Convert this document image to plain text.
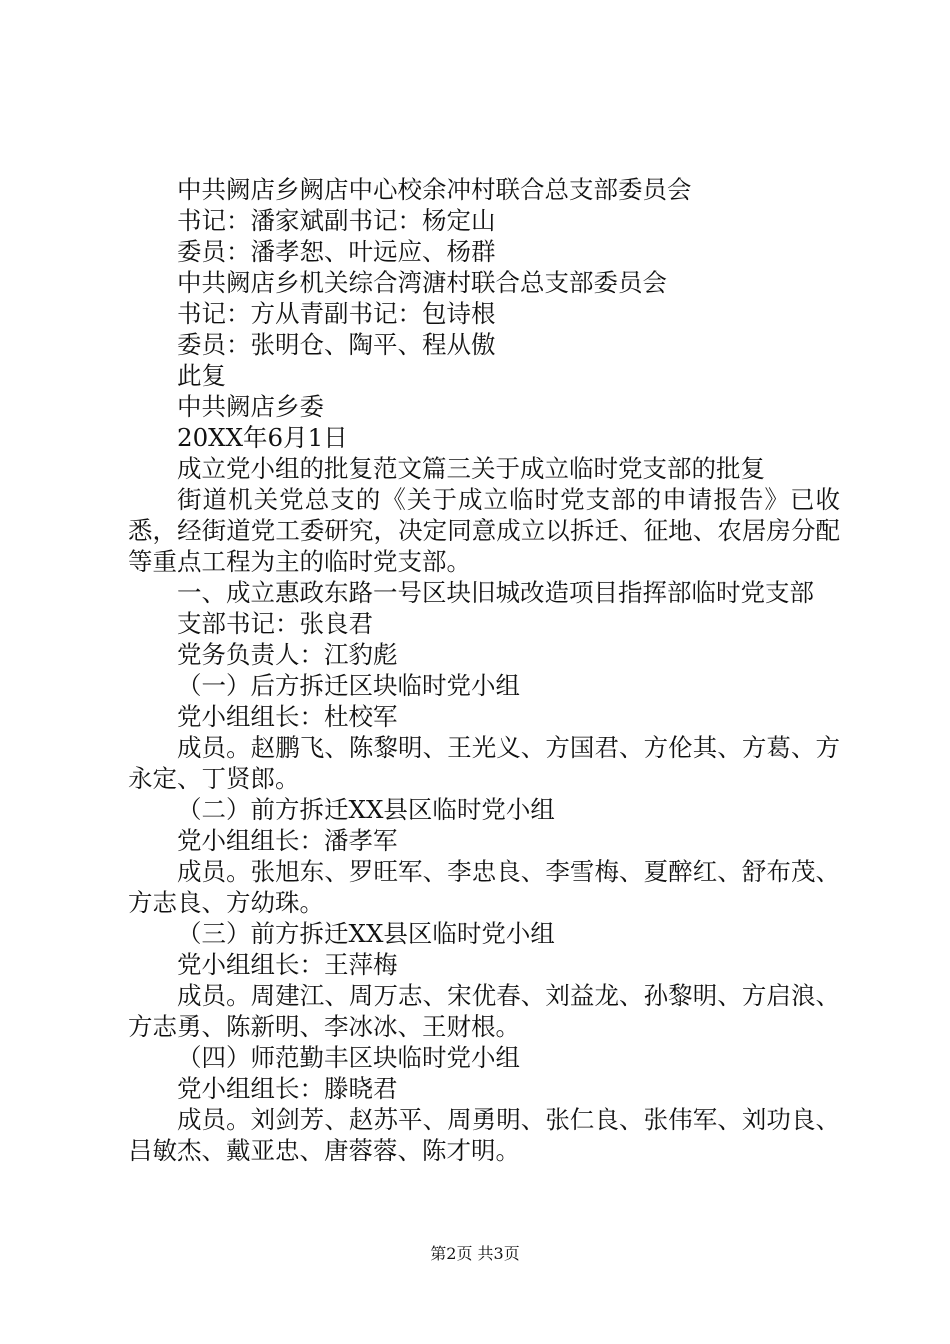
中共阙店乡阙店中心校余冲村联合总支部委员会
书记：潘家斌副书记：杨定山
委员：潘孝恕、叶远应、杨群
中共阙店乡机关综合湾溏村联合总支部委员会
书记：方从青副书记：包诗根
委员：张明仓、陶平、程从傲
此复
中共阙店乡委
20XX年6月1日
成立党小组的批复范文篇三关于成立临时党支部的批复
街道机关党总支的《关于成立临时党支部的申请报告》已收悉，经街道党工委研究，决定同意成立以拆迁、征地、农居房分配等重点工程为主的临时党支部。
一、成立惠政东路一号区块旧城改造项目指挥部临时党支部
支部书记：张良君
党务负责人：江豹彪
（一）后方拆迁区块临时党小组
党小组组长：杜校军
成员。赵鹏飞、陈黎明、王光义、方国君、方伦其、方葛、方永定、丁贤郎。
（二）前方拆迁XX县区临时党小组
党小组组长：潘孝军
成员。张旭东、罗旺军、李忠良、李雪梅、夏醉红、舒布茂、方志良、方幼珠。
（三）前方拆迁XX县区临时党小组
党小组组长：王萍梅
成员。周建江、周万志、宋优春、刘益龙、孙黎明、方启浪、方志勇、陈新明、李冰冰、王财根。
（四）师范勤丰区块临时党小组
党小组组长：滕晓君
成员。刘剑芳、赵苏平、周勇明、张仁良、张伟军、刘功良、吕敏杰、戴亚忠、唐蓉蓉、陈才明。
第2页 共3页
